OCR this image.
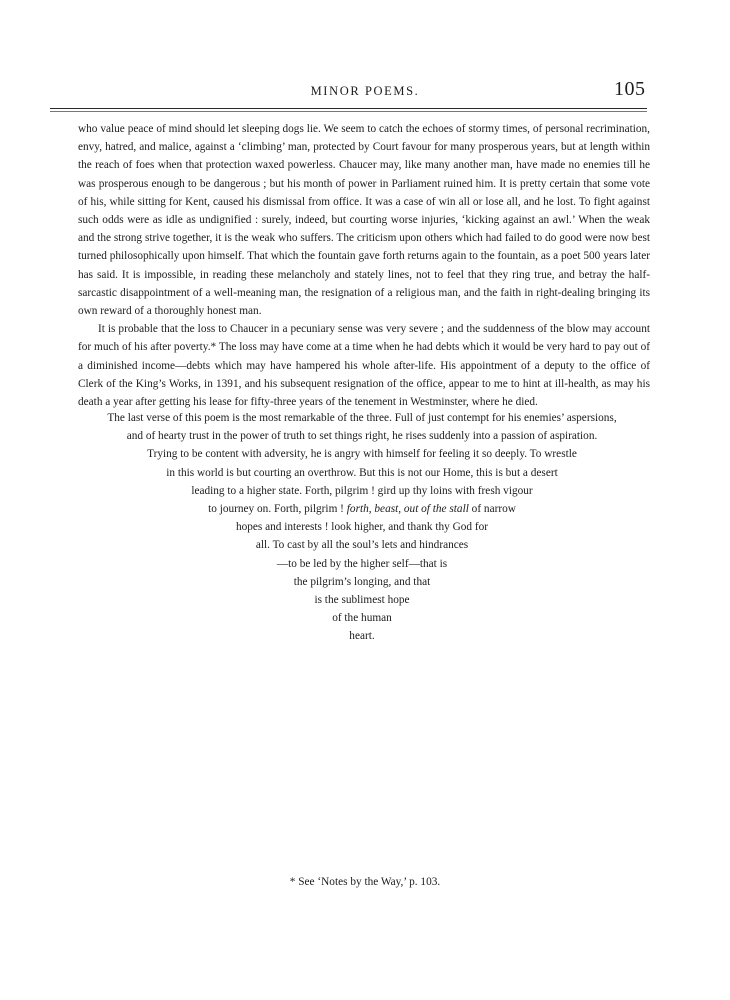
MINOR POEMS.	105

who value peace of mind should let sleeping dogs lie. We seem to catch the echoes of stormy times, of personal recrimination, envy, hatred, and malice, against a ‘climbing’ man, protected by Court favour for many prosperous years, but at length within the reach of foes when that protection waxed powerless. Chaucer may, like many another man, have made no enemies till he was prosperous enough to be dangerous ; but his month of power in Parliament ruined him. It is pretty certain that some vote of his, while sitting for Kent, caused his dismissal from office. It was a case of win all or lose all, and he lost. To fight against such odds were as idle as undignified : surely, indeed, but courting worse injuries, ‘kicking against an awl.’ When the weak and the strong strive together, it is the weak who suffers. The criticism upon others which had failed to do good were now best turned philosophically upon himself. That which the fountain gave forth returns again to the fountain, as a poet 500 years later has said. It is impossible, in reading these melancholy and stately lines, not to feel that they ring true, and betray the half-sarcastic disappointment of a well-meaning man, the resignation of a religious man, and the faith in right-dealing bringing its own reward of a thoroughly honest man.

It is probable that the loss to Chaucer in a pecuniary sense was very severe ; and the suddenness of the blow may account for much of his after poverty.* The loss may have come at a time when he had debts which it would be very hard to pay out of a diminished income—debts which may have hampered his whole after-life. His appointment of a deputy to the office of Clerk of the King’s Works, in 1391, and his subsequent resignation of the office, appear to me to hint at ill-health, as may his death a year after getting his lease for fifty-three years of the tenement in Westminster, where he died.

The last verse of this poem is the most remarkable of the three. Full of just contempt for his enemies’ aspersions,
and of hearty trust in the power of truth to set things right, he rises suddenly into a passion of aspiration.
Trying to be content with adversity, he is angry with himself for feeling it so deeply. To wrestle
in this world is but courting an overthrow. But this is not our Home, this is but a desert
leading to a higher state. Forth, pilgrim ! gird up thy loins with fresh vigour
to journey on. Forth, pilgrim ! forth, beast, out of the stall of narrow
hopes and interests ! look higher, and thank thy God for
all. To cast by all the soul’s lets and hindrances
—to be led by the higher self—that is
the pilgrim’s longing, and that
is the sublimest hope
of the human
heart.
* See ‘Notes by the Way,’ p. 103.
